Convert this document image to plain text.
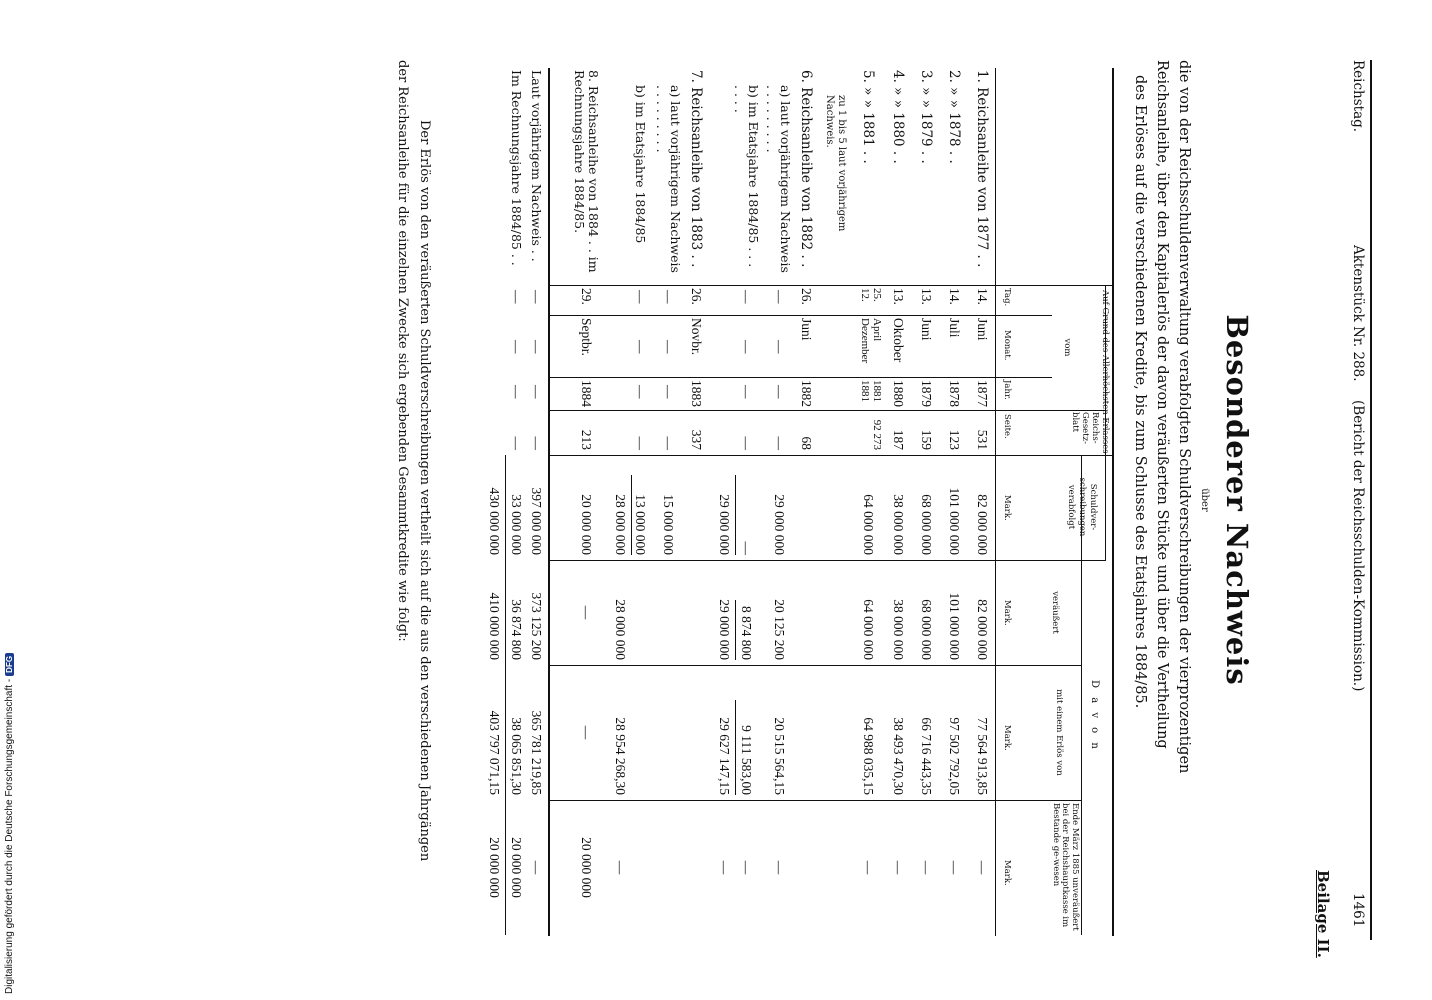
Reichstag.
Aktenstück Nr. 288.
(Bericht der Reichsschulden-Kommission.)
1461
Beilage II.
Besonderer Nachweis
über
die von der Reichsschuldenverwaltung verabfolgten Schuldverschreibungen der vierprozentigen
Reichsanleihe, über den Kapitalerlös der davon veräußerten Stücke und über die Vertheilung
des Erlöses auf die verschiedenen Kredite, bis zum Schlusse des Etatsjahres 1884/85.
Auf Grund des Allerhöchsten Erlasses
vom
Tag.
Monat.
Jahr.
Reichs-Gesetz-blatt
Seite.
Schuldver-schreibungen verabfolgt
Mark.
D a v o n
veräußert
Mark.
mit einem Erlös von
Mark.
Ende März 1885 unveräußert bei der Reichshauptkasse im Bestande ge-wesen
Mark.
1. Reichsanleihe von 1877 . .
14.
Juni
1877
531
82 000 000
82 000 000
77 564 913,85
—
2. » » 1878 . .
14.
Juli
1878
123
101 000 000
101 000 000
97 502 792,05
—
3. » » 1879 . .
13.
Juni
1879
159
68 000 000
68 000 000
66 716 443,35
—
4. » » 1880 . .
13.
Oktober
1880
187
38 000 000
38 000 000
38 493 470,30
—
5. » » 1881 . .
25. 12.
April Dezember
1881 1881
92 273
64 000 000
64 000 000
64 988 035,15
—
zu 1 bis 5 laut vorjährigem Nachweis.
6. Reichsanleihe von 1882 . .
26.
Juni
1882
68
a) laut vorjährigem Nachweis . . . . . . . . .
—
—
—
—
29 000 000
20 125 200
20 515 564,15
—
b) im Etatsjahre 1884/85 . . . . . . .
—
—
—
—
—
8 874 800
9 111 583,00
—
29 000 000
29 000 000
29 627 147,15
—
7. Reichsanleihe von 1883 . .
26.
Novbr.
1883
337
a) laut vorjährigem Nachweis . . . . . . . . .
—
—
—
—
15 000 000
b) im Etatsjahre 1884/85
—
—
—
—
13 000 000
28 000 000
28 000 000
28 954 268,30
—
8. Reichsanleihe von 1884 . . im Rechnungsjahre 1884/85.
29.
Septbr.
1884
213
20 000 000
—
—
20 000 000
Laut vorjährigem Nachweis . .
—
—
—
—
397 000 000
373 125 200
365 781 219,85
—
Im Rechnungsjahre 1884/85 . .
—
—
—
—
33 000 000
36 874 800
38 065 851,30
20 000 000
430 000 000
410 000 000
403 797 071,15
20 000 000
Der Erlös von den veräußerten Schuldverschreibungen vertheilt sich auf die aus den verschiedenen Jahrgängen
der Reichsanleihe für die einzelnen Zwecke sich ergebenden Gesammtkredite wie folgt:
Digitalisierung gefördert durch die Deutsche Forschungsgemeinschaft -DFG
